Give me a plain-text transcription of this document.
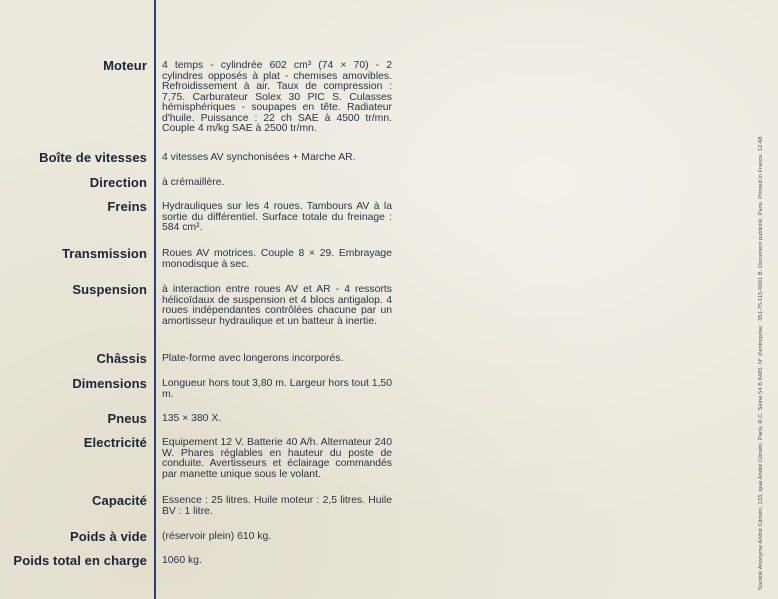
Moteur 4 temps - cylindrée 602 cm³ (74 × 70) - 2 cylindres opposés à plat - chemises amovibles. Refroidissement à air. Taux de compression : 7,75. Carburateur Solex 30 PIC S. Culasses hémisphériques - soupapes en tête. Radiateur d'huile. Puissance : 22 ch SAE à 4500 tr/mn. Couple 4 m/kg SAE à 2500 tr/mn.
Boîte de vitesses 4 vitesses AV synchonisées + Marche AR.
Direction à crémaillère.
Freins Hydrauliques sur les 4 roues. Tambours AV à la sortie du différentiel. Surface totale du freinage : 584 cm².
Transmission Roues AV motrices. Couple 8 × 29. Embrayage monodisque à sec.
Suspension à interaction entre roues AV et AR - 4 ressorts hélicoïdaux de suspension et 4 blocs antigalop. 4 roues indépendantes contrôlées chacune par un amortisseur hydraulique et un batteur à inertie.
Châssis Plate-forme avec longerons incorporés.
Dimensions Longueur hors tout 3,80 m. Largeur hors tout 1,50 m.
Pneus 135 × 380 X.
Electricité Equipement 12 V. Batterie 40 A/h. Alternateur 240 W. Phares réglables en hauteur du poste de conduite. Avertisseurs et éclairage commandés par manette unique sous le volant.
Capacité Essence : 25 litres. Huile moteur : 2,5 litres. Huile BV : 1 litre.
Poids à vide (réservoir plein) 610 kg.
Poids total en charge 1060 kg.	Société Anonyme André Citroën, 133, quai André Citroën, Paris, R.C. Seine 54 B 6485. N° d'entreprise : 351-75-115-0001 B. Document publicité, Paris. Printed in France. 12-68
